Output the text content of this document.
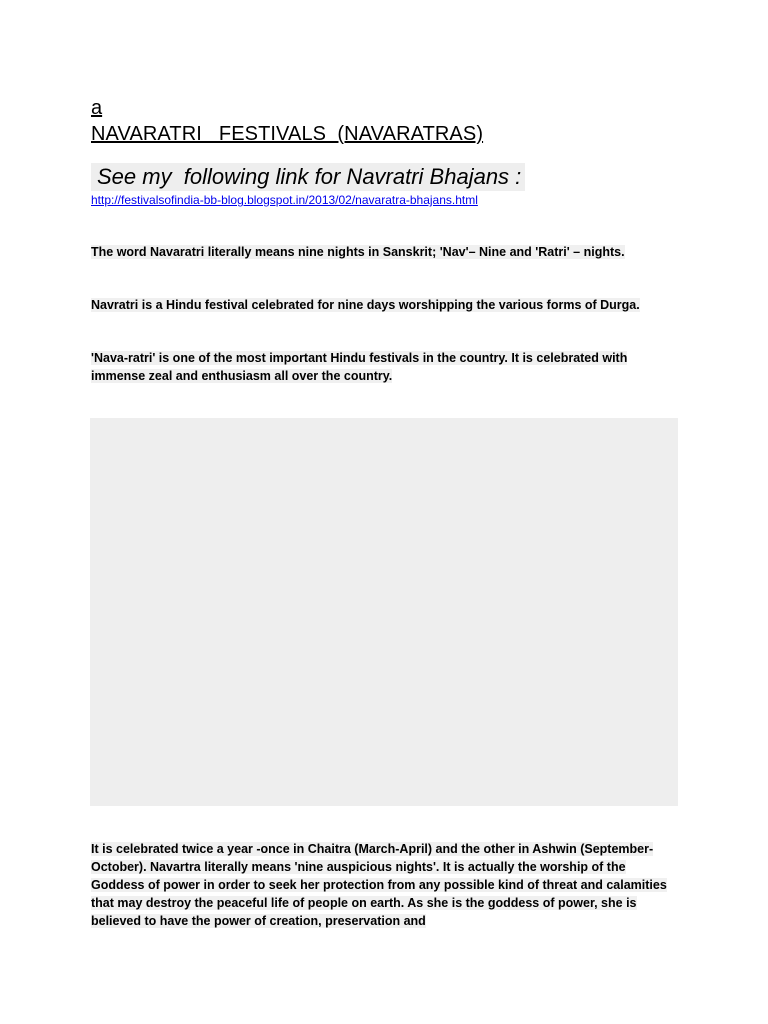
a
NAVARATRI   FESTIVALS  (NAVARATRAS)
See my  following link for Navratri Bhajans :
http://festivalsofindia-bb-blog.blogspot.in/2013/02/navaratra-bhajans.html
The word Navaratri literally means nine nights in Sanskrit; 'Nav'– Nine and 'Ratri' – nights.
Navratri is a Hindu festival celebrated for nine days worshipping the various forms of Durga.
'Nava-ratri' is one of the most important Hindu festivals in the country. It is celebrated with immense zeal and enthusiasm all over the country.
It is celebrated twice a year -once in Chaitra (March-April) and the other in Ashwin (September-October). Navartra literally means 'nine auspicious nights'. It is actually the worship of the Goddess of power in order to seek her protection from any possible kind of threat and calamities that may destroy the peaceful life of people on earth. As she is the goddess of power, she is believed to have the power of creation, preservation and
